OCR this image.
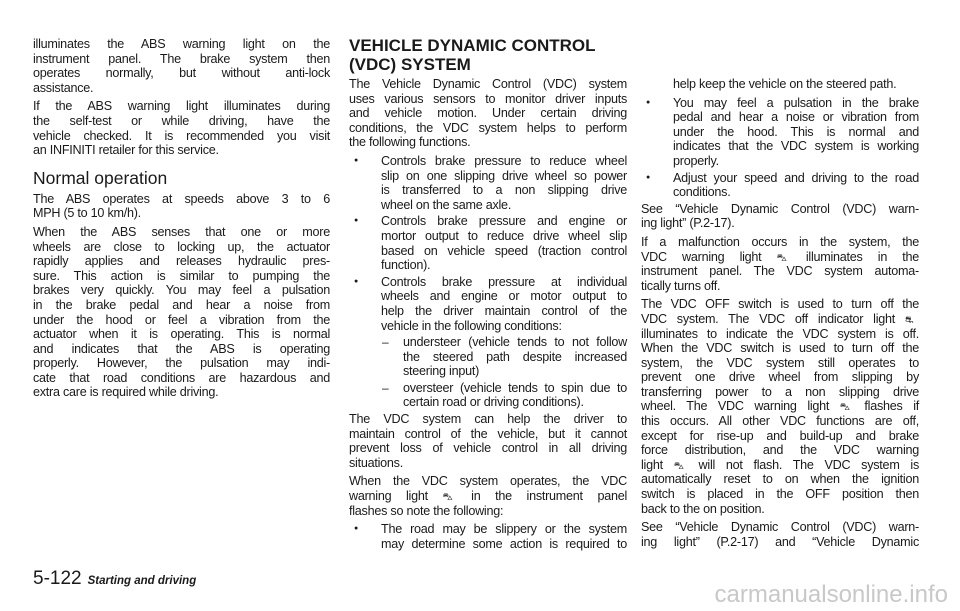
VEHICLE DYNAMIC CONTROL
(VDC) SYSTEM
illuminates the ABS warning light on the
instrument panel. The brake system then
operates normally, but without anti-lock
assistance.
If the ABS warning light illuminates during
the self-test or while driving, have the
vehicle checked. It is recommended you visit
an INFINITI retailer for this service.
Normal operation
The ABS operates at speeds above 3 to 6
MPH (5 to 10 km/h).
When the ABS senses that one or more
wheels are close to locking up, the actuator
rapidly applies and releases hydraulic pres-
sure. This action is similar to pumping the
brakes very quickly. You may feel a pulsation
in the brake pedal and hear a noise from
under the hood or feel a vibration from the
actuator when it is operating. This is normal
and indicates that the ABS is operating
properly. However, the pulsation may indi-
cate that road conditions are hazardous and
extra care is required while driving.
The Vehicle Dynamic Control (VDC) system
uses various sensors to monitor driver inputs
and vehicle motion. Under certain driving
conditions, the VDC system helps to perform
the following functions.
● Controls brake pressure to reduce wheel
slip on one slipping drive wheel so power
is transferred to a non slipping drive
wheel on the same axle.
● Controls brake pressure and engine or
mortor output to reduce drive wheel slip
based on vehicle speed (traction control
function).
● Controls brake pressure at individual
wheels and engine or motor output to
help the driver maintain control of the
vehicle in the following conditions:
– understeer (vehicle tends to not follow
the steered path despite increased
steering input)
– oversteer (vehicle tends to spin due to
certain road or driving conditions).
The VDC system can help the driver to
maintain control of the vehicle, but it cannot
prevent loss of vehicle control in all driving
situations.
When the VDC system operates, the VDC
warning light ⛍ in the instrument panel
flashes so note the following:
● The road may be slippery or the system
may determine some action is required to
help keep the vehicle on the steered path.
● You may feel a pulsation in the brake
pedal and hear a noise or vibration from
under the hood. This is normal and
indicates that the VDC system is working
properly.
● Adjust your speed and driving to the road
conditions.
See “Vehicle Dynamic Control (VDC) warn-
ing light” (P.2-17).
If a malfunction occurs in the system, the
VDC warning light ⛍ illuminates in the
instrument panel. The VDC system automa-
tically turns off.
The VDC OFF switch is used to turn off the
VDC system. The VDC off indicator light ⛐
illuminates to indicate the VDC system is off.
When the VDC switch is used to turn off the
system, the VDC system still operates to
prevent one drive wheel from slipping by
transferring power to a non slipping drive
wheel. The VDC warning light ⛍ flashes if
this occurs. All other VDC functions are off,
except for rise-up and build-up and brake
force distribution, and the VDC warning
light ⛍ will not flash. The VDC system is
automatically reset to on when the ignition
switch is placed in the OFF position then
back to the on position.
See “Vehicle Dynamic Control (VDC) warn-
ing light” (P.2-17) and “Vehicle Dynamic
5-122 Starting and driving	carmanualsonline.info
